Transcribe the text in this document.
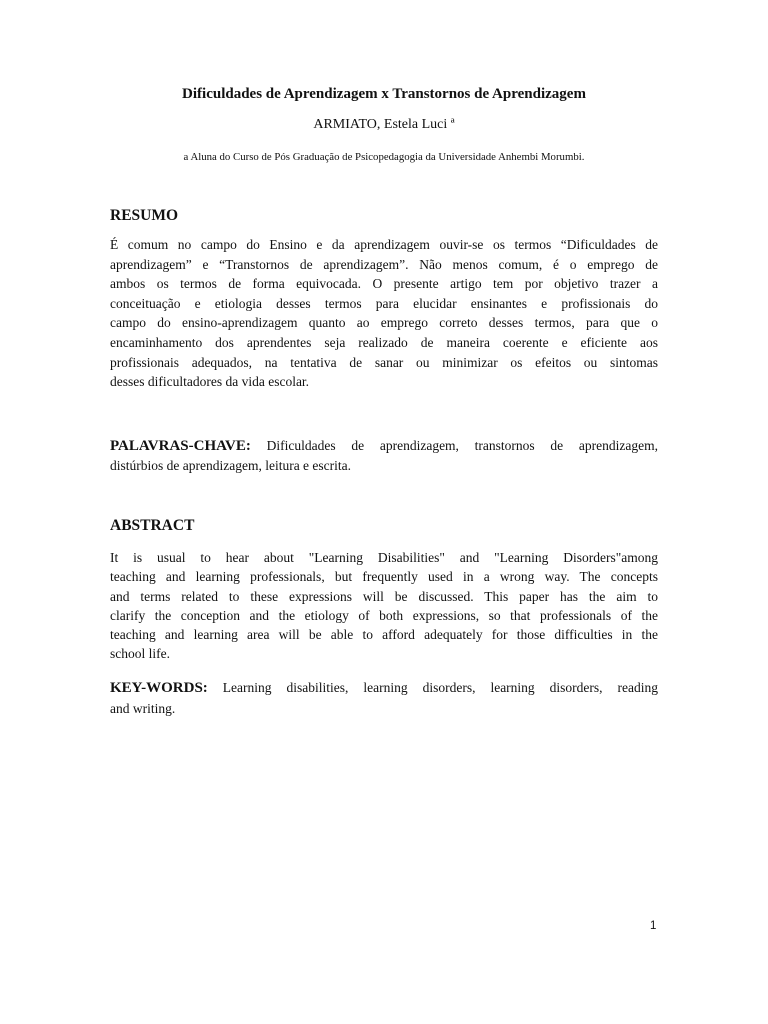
Dificuldades de Aprendizagem x Transtornos de Aprendizagem
ARMIATO, Estela Luci ª
a Aluna do Curso de Pós Graduação de Psicopedagogia da Universidade Anhembi Morumbi.
RESUMO
É comum no campo do Ensino e da aprendizagem ouvir-se os termos “Dificuldades de
aprendizagem” e “Transtornos de aprendizagem”. Não menos comum, é o emprego de
ambos os termos de forma equivocada. O presente artigo tem por objetivo trazer a
conceituação e etiologia desses termos para elucidar ensinantes e profissionais do
campo do ensino-aprendizagem quanto ao emprego correto desses termos, para que o
encaminhamento dos aprendentes seja realizado de maneira coerente e eficiente aos
profissionais adequados, na tentativa de sanar ou minimizar os efeitos ou sintomas
desses dificultadores da vida escolar.
PALAVRAS-CHAVE: Dificuldades de aprendizagem, transtornos de aprendizagem,
distúrbios de aprendizagem, leitura e escrita.
ABSTRACT
It is usual to hear about "Learning Disabilities" and "Learning Disorders"among
teaching and learning professionals, but frequently used in a wrong way. The concepts
and terms related to these expressions will be discussed. This paper has the aim to
clarify the conception and the etiology of both expressions, so that professionals of the
teaching and learning area will be able to afford adequately for those difficulties in the
school life.
KEY-WORDS: Learning disabilities, learning disorders, learning disorders, reading
and writing.
1
